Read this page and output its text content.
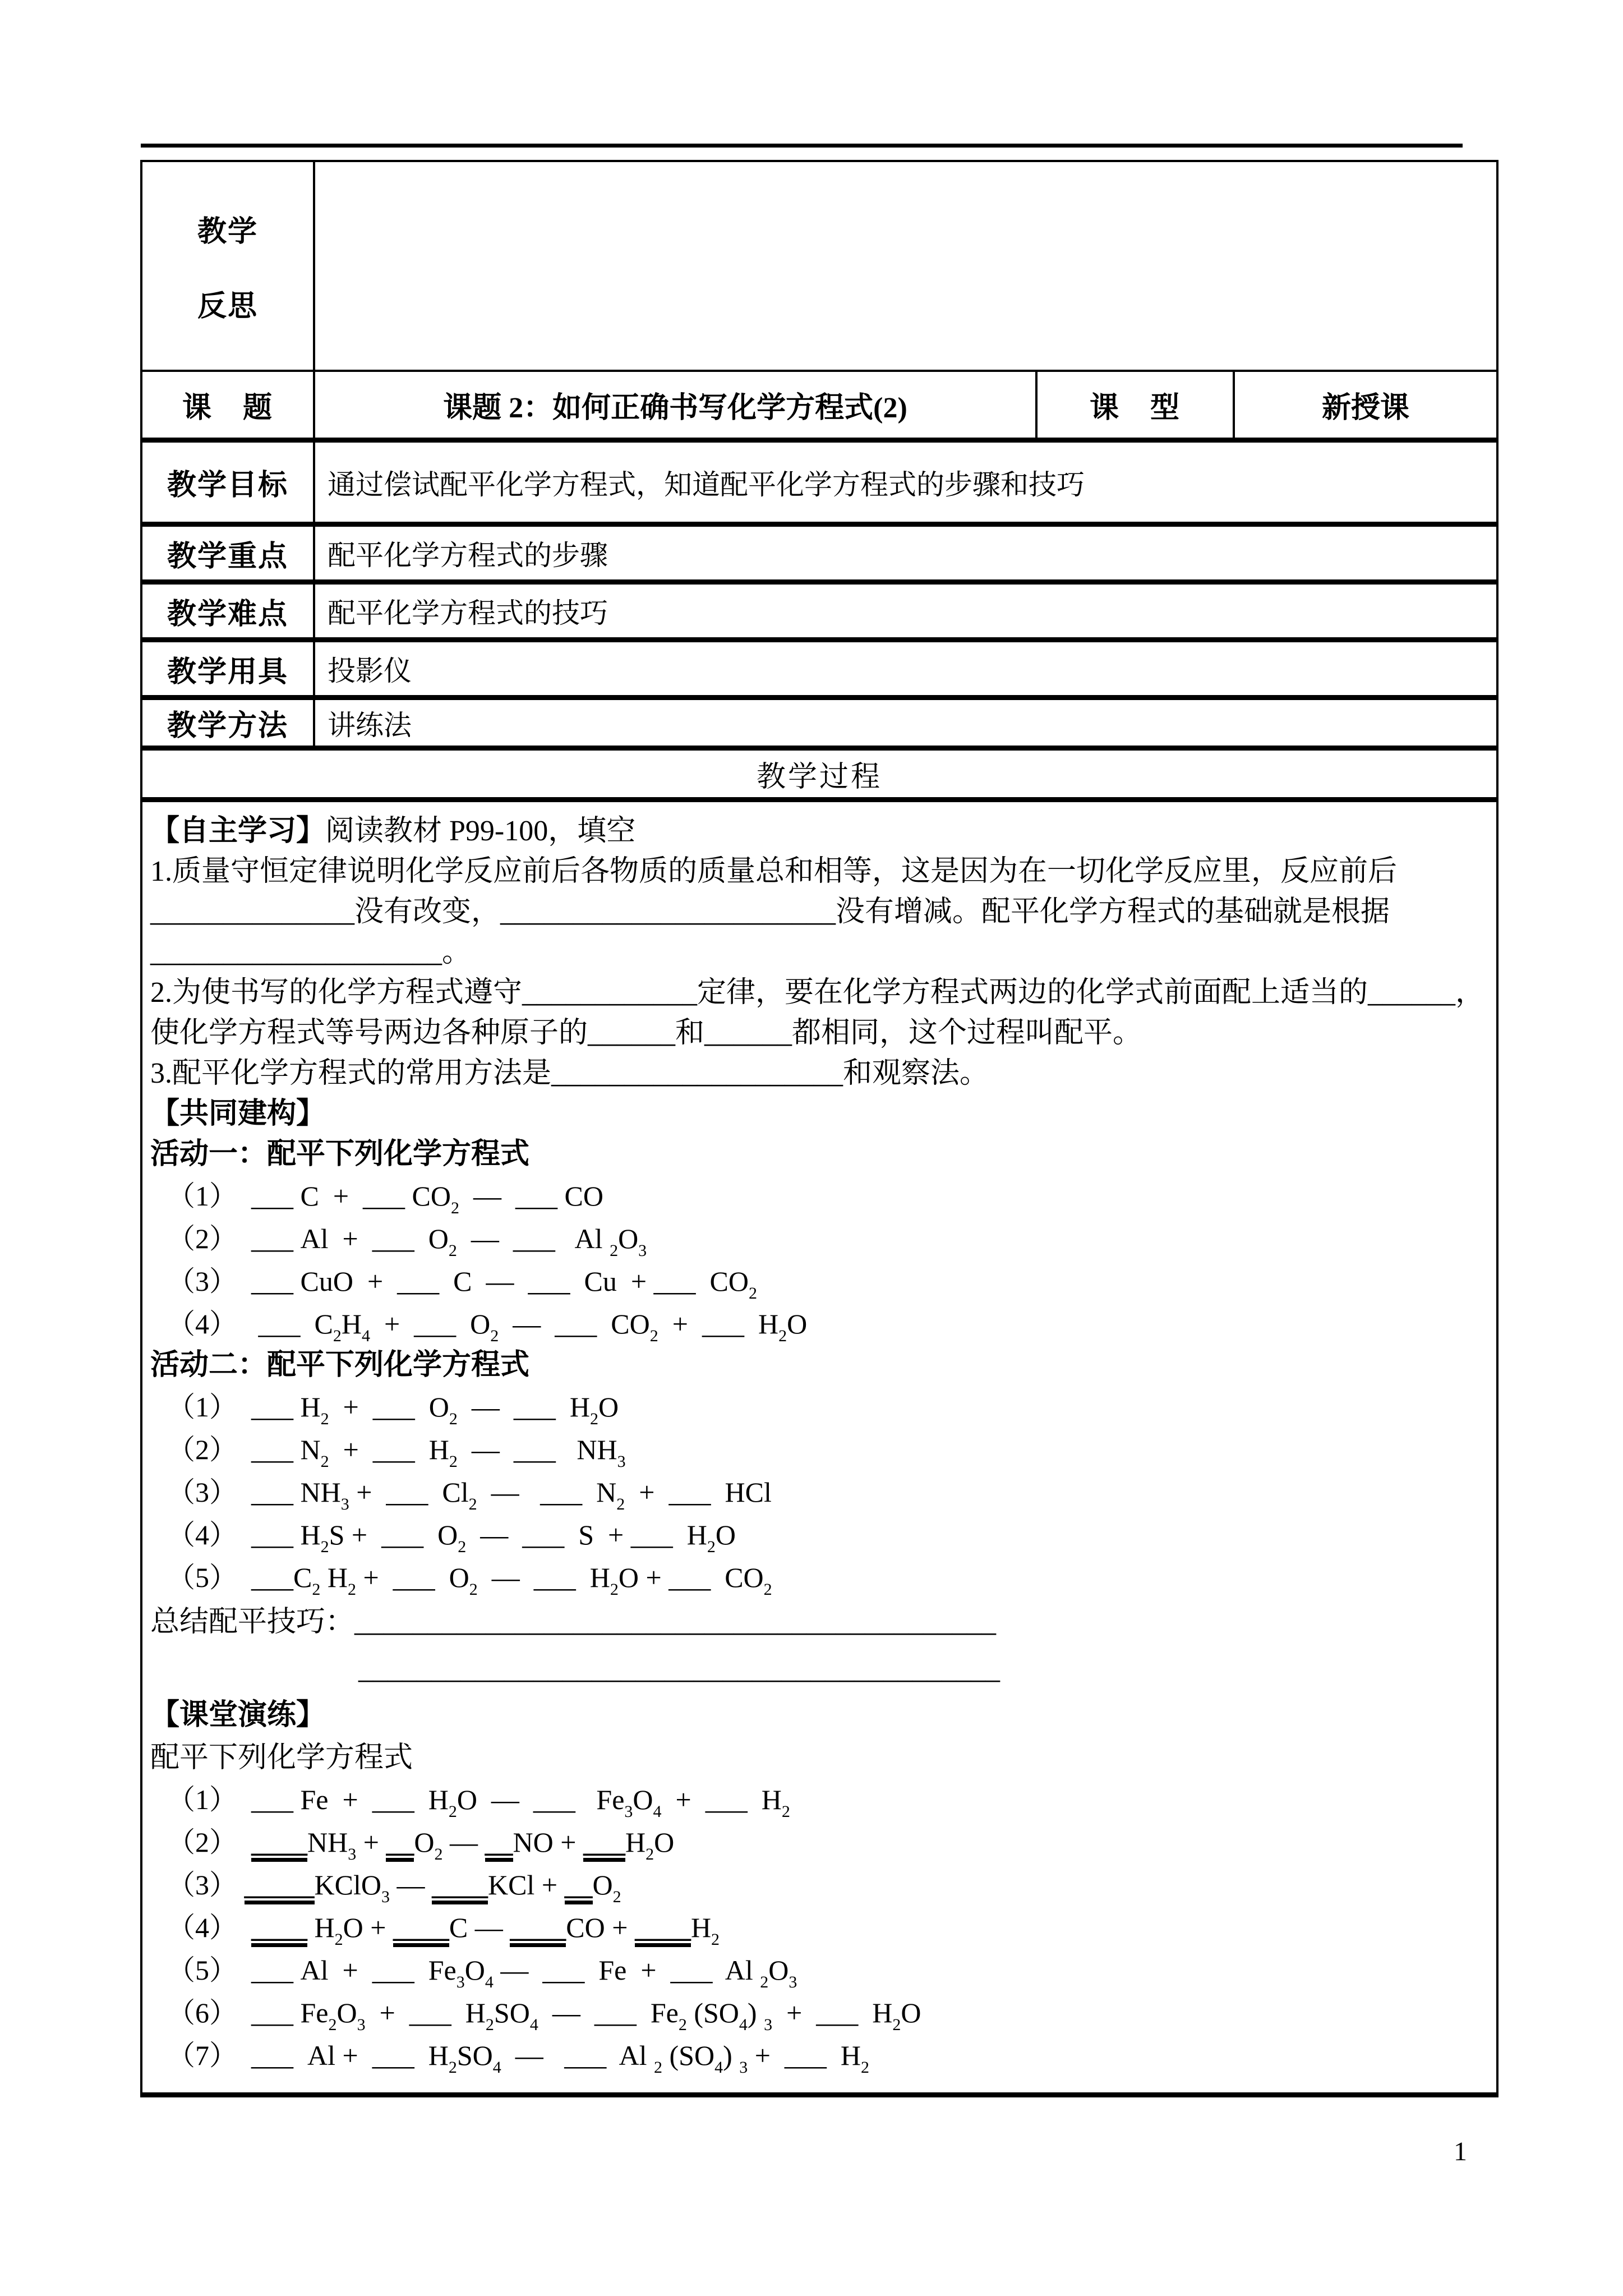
教学
反思
课　题	课题 2：如何正确书写化学方程式(2)	课　型	新授课
教学目标	通过偿试配平化学方程式，知道配平化学方程式的步骤和技巧
教学重点	配平化学方程式的步骤
教学难点	配平化学方程式的技巧
教学用具	投影仪
教学方法	讲练法
教学过程

【自主学习】阅读教材 P99-100，填空

1.质量守恒定律说明化学反应前后各物质的质量总和相等，这是因为在一切化学反应里，反应前后

______________没有改变，_______________________没有增减。配平化学方程式的基础就是根据

____________________。

2.为使书写的化学方程式遵守____________定律，要在化学方程式两边的化学式前面配上适当的______，

使化学方程式等号两边各种原子的______和______都相同，这个过程叫配平。

3.配平化学方程式的常用方法是____________________和观察法。

【共同建构】

活动一：配平下列化学方程式

（1）  ___ C  +  ___ $CO_2$  —  ___ CO

（2）  ___ Al  +  ___  $O_2$  —  ___   Al $_2O_3$

（3）  ___ CuO  +  ___  C  —  ___  Cu  + ___  $CO_2$

（4）   ___  $C_2H_4$  +  ___  $O_2$  —  ___  $CO_2$  +  ___  $H_2O$

活动二：配平下列化学方程式

（1）  ___ $H_2$  +  ___  $O_2$  —  ___  $H_2O$

（2）  ___ $N_2$  +  ___  $H_2$  —  ___   $NH_3$

（3）  ___ $NH_3$ +  ___  $Cl_2$  —   ___  $N_2$  +  ___  HCl

（4）  ___ $H_2S$ +  ___  $O_2$  —  ___  S  + ___  $H_2O$

（5）  $\_\_\_C_2$ $H_2$ +  ___  $O_2$  —  ___  $H_2O$ + ___  $CO_2$

总结配平技巧：____________________________________________

____________________________________________

【课堂演练】

配平下列化学方程式

（1）  ___ Fe  +  ___  $H_2O$  —  ___   $Fe_3O_4$  +  ___  $H_2$

（2）  $\_\_\_\_NH_3$ + $\_\_O_2$ — __NO + $\_\_\_H_2O$

（3） _____KClO$_3$ — ____KCl + $\_\_O_2$

（4）  ____ $H_2O$ + ____C — ____CO + $\_\_\_\_H_2$

（5）  ___ Al  +  ___  $Fe_3O_4$ —  ___  Fe  +  ___  Al $_2O_3$

（6）  ___ $Fe_2O_3$  +  ___  $H_2SO_4$  —  ___  $Fe_2$ $(SO_4) _3$  +  ___  $H_2O$

（7）  ___  Al +  ___  $H_2SO_4$  —   ___  Al $_2$ $(SO_4) _3$ +  ___  $H_2$

1
